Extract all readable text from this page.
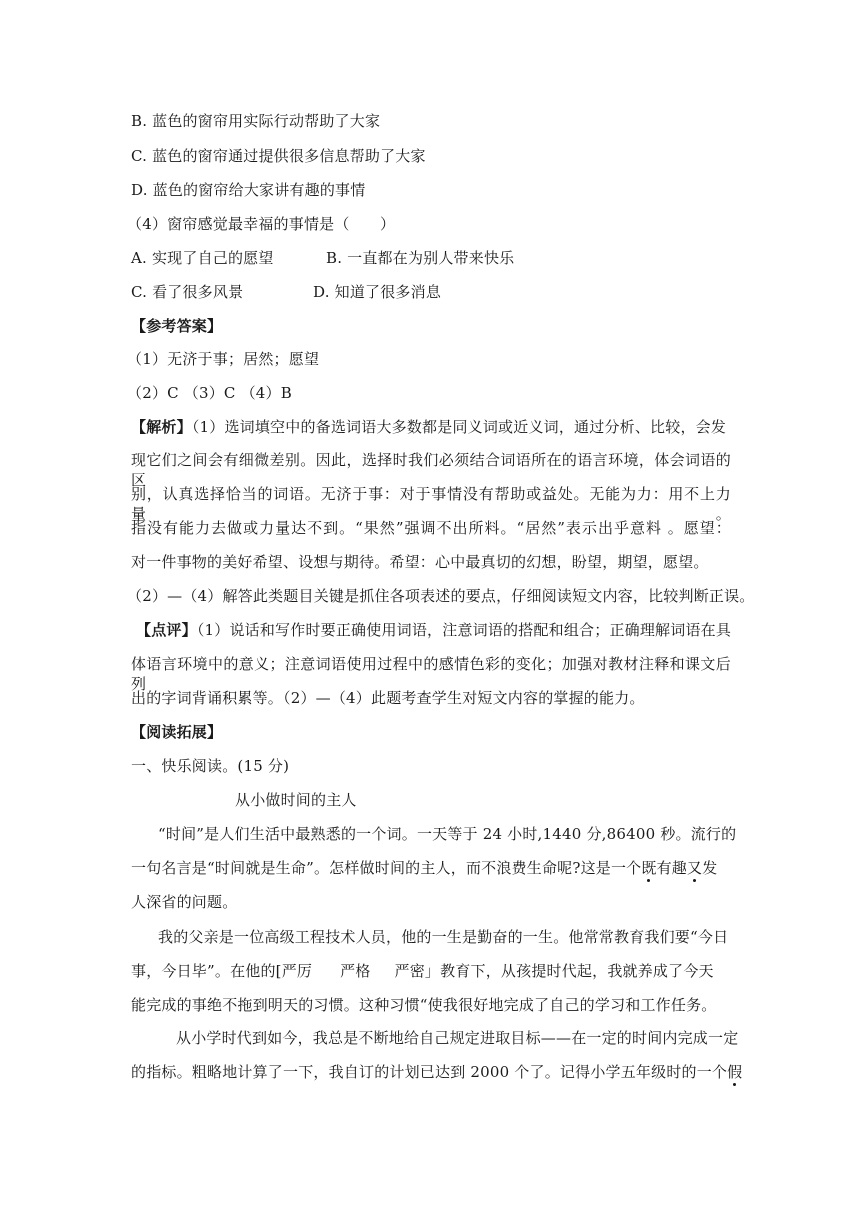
B. 蓝色的窗帘用实际行动帮助了大家
C. 蓝色的窗帘通过提供很多信息帮助了大家
D. 蓝色的窗帘给大家讲有趣的事情
（4）窗帘感觉最幸福的事情是（　　）
A. 实现了自己的愿望	B. 一直都在为别人带来快乐
C. 看了很多风景	D. 知道了很多消息
【参考答案】
（1）无济于事；居然；愿望
（2）C （3）C （4）B
【解析】（1）选词填空中的备选词语大多数都是同义词或近义词，通过分析、比较，会发
现它们之间会有细微差别。因此，选择时我们必须结合词语所在的语言环境，体会词语的区
别，认真选择恰当的词语。无济于事：对于事情没有帮助或益处。无能为力：用不上力量。
指没有能力去做或力量达不到。“果然”强调不出所料。“居然”表示出乎意料 。愿望：
对一件事物的美好希望、设想与期待。希望：心中最真切的幻想，盼望，期望，愿望。
（2）—（4）解答此类题目关键是抓住各项表述的要点，仔细阅读短文内容，比较判断正误。
【点评】（1）说话和写作时要正确使用词语，注意词语的搭配和组合；正确理解词语在具
体语言环境中的意义；注意词语使用过程中的感情色彩的变化；加强对教材注释和课文后列
出的字词背诵积累等。（2）—（4）此题考查学生对短文内容的掌握的能力。
【阅读拓展】
一、快乐阅读。(15 分)
从小做时间的主人
“时间”是人们生活中最熟悉的一个词。一天等于 24 小时,1440 分,86400 秒。流行的
一句名言是“时间就是生命”。怎样做时间的主人，而不浪费生命呢?这是一个既有趣又发
人深省的问题。
我的父亲是一位高级工程技术人员，他的一生是勤奋的一生。他常常教育我们要“今日
事，今日毕”。在他的[严厉 严格 严密」教育下，从孩提时代起，我就养成了今天
能完成的事绝不拖到明天的习惯。这种习惯“使我很好地完成了自己的学习和工作任务。
从小学时代到如今，我总是不断地给自己规定进取目标——在一定的时间内完成一定
的指标。粗略地计算了一下，我自订的计划已达到 2000 个了。记得小学五年级时的一个假
